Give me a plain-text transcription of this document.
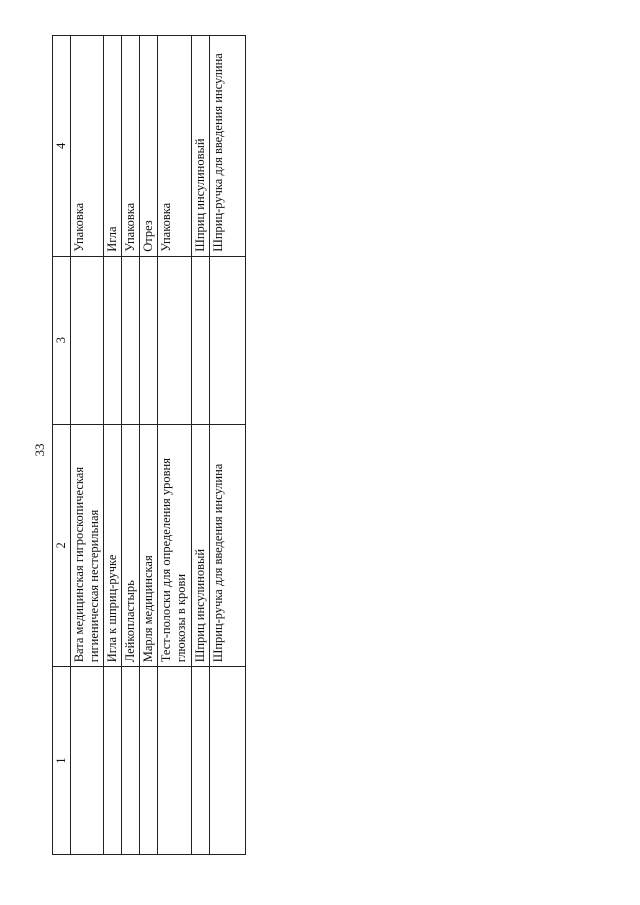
33
1	2	3	4
	Вата медицинская гигроскопическая гигиеническая нестерильная		Упаковка
	Игла к шприц-ручке		Игла
	Лейкопластырь		Упаковка
	Марля медицинская		Отрез
	Тест-полоски для определения уровня глюкозы в крови		Упаковка
	Шприц инсулиновый		Шприц инсулиновый
	Шприц-ручка для введения инсулина		Шприц-ручка для введения инсулина
